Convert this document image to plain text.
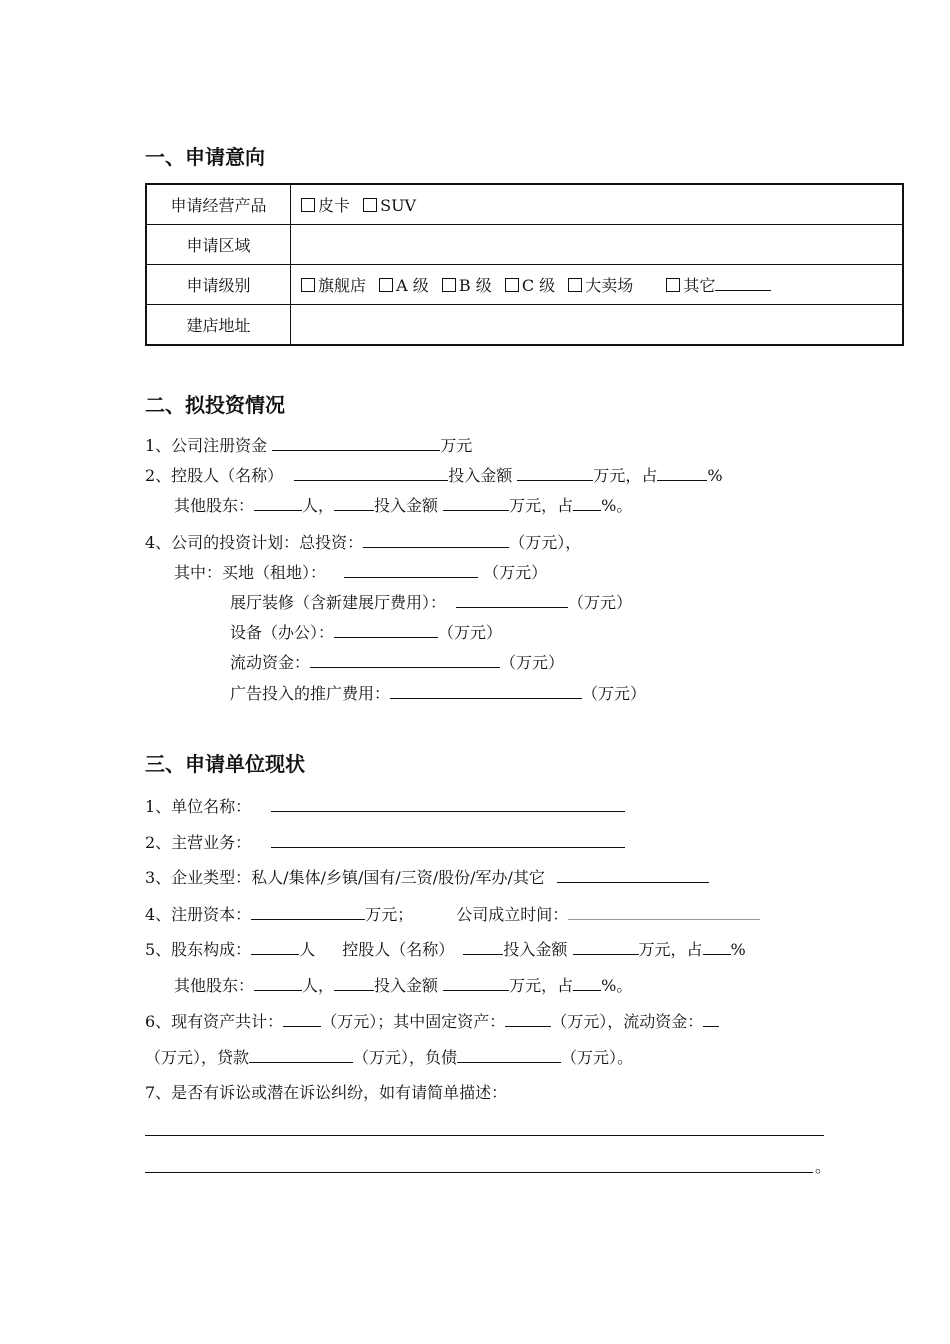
一、申请意向
申请经营产品	皮卡 SUV
申请区域	
申请级别	旗舰店 A 级 B 级 C 级 大卖场 其它
建店地址	
二、拟投资情况
1、公司注册资金	万元
2、控股人（名称）	投入金额	万元，占	%
其他股东：	人，	投入金额	万元，占 %。
4、公司的投资计划：总投资：	（万元），
其中：买地（租地）：	（万元）
展厅装修（含新建展厅费用）：	（万元）
设备（办公）：	（万元）
流动资金：	（万元）
广告投入的推广费用：	（万元）
三、申请单位现状
1、单位名称：
2、主营业务：
3、企业类型：私人/集体/乡镇/国有/三资/股份/军办/其它
4、注册资本：	万元；	公司成立时间：
5、股东构成：	人 控股人（名称）	投入金额	万元，占 %
其他股东：	人，	投入金额	万元，占 %。
6、现有资产共计： （万元）；其中固定资产：	（万元），流动资金：
（万元），贷款	（万元），负债	（万元）。
7、是否有诉讼或潜在诉讼纠纷，如有请简单描述：
。
